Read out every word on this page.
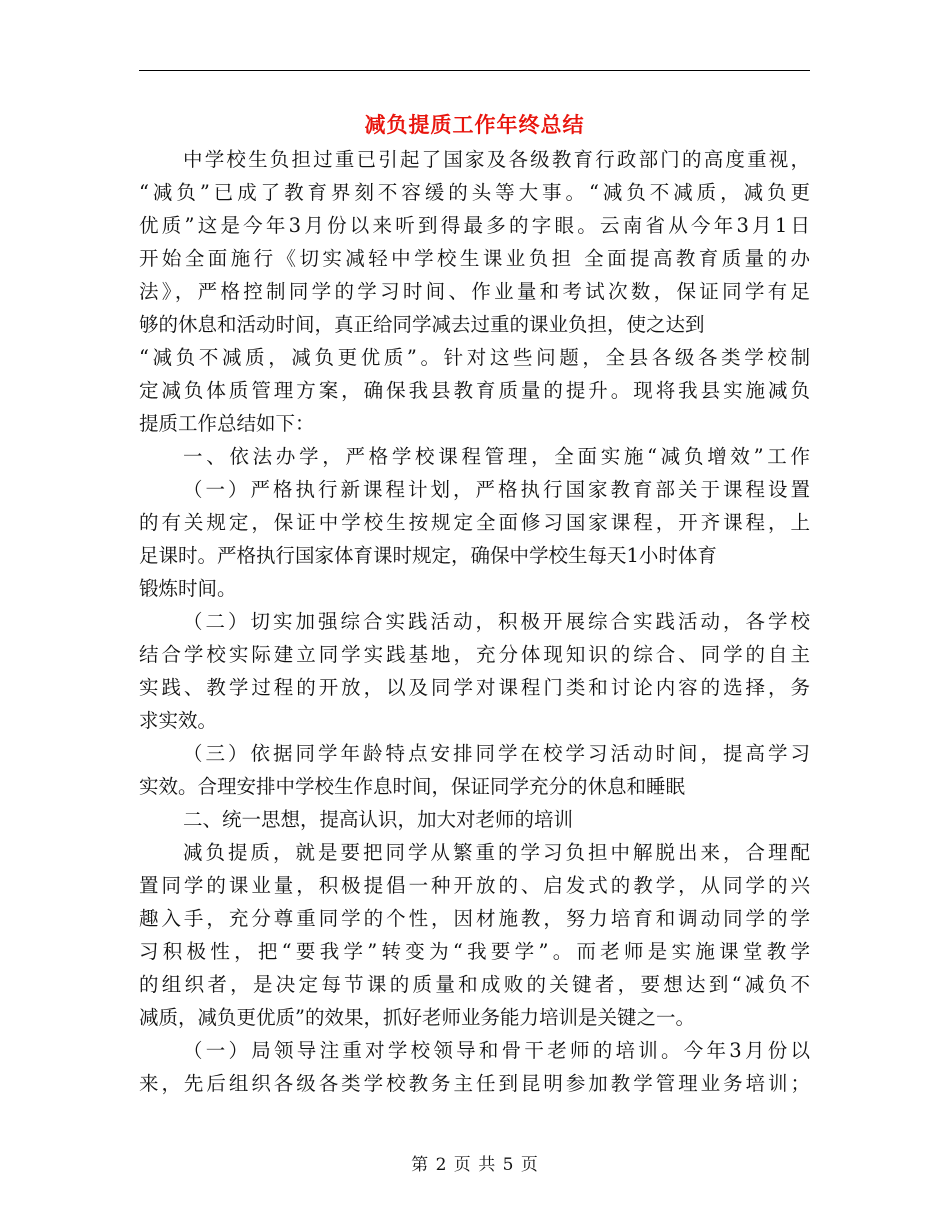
减负提质工作年终总结
中学校生负担过重已引起了国家及各级教育行政部门的高度重视，
“减负”已成了教育界刻不容缓的头等大事。“减负不减质，减负更
优质”这是今年3月份以来听到得最多的字眼。云南省从今年3月1日
开始全面施行《切实减轻中学校生课业负担 全面提高教育质量的办
法》，严格控制同学的学习时间、作业量和考试次数，保证同学有足
够的休息和活动时间，真正给同学减去过重的课业负担，使之达到
“减负不减质，减负更优质”。针对这些问题，全县各级各类学校制
定减负体质管理方案，确保我县教育质量的提升。现将我县实施减负
提质工作总结如下：
一、依法办学，严格学校课程管理，全面实施“减负增效”工作
（一）严格执行新课程计划，严格执行国家教育部关于课程设置
的有关规定，保证中学校生按规定全面修习国家课程，开齐课程，上
足课时。严格执行国家体育课时规定，确保中学校生每天1小时体育
锻炼时间。
（二）切实加强综合实践活动，积极开展综合实践活动，各学校
结合学校实际建立同学实践基地，充分体现知识的综合、同学的自主
实践、教学过程的开放，以及同学对课程门类和讨论内容的选择，务
求实效。
（三）依据同学年龄特点安排同学在校学习活动时间，提高学习
实效。合理安排中学校生作息时间，保证同学充分的休息和睡眠
二、统一思想，提高认识，加大对老师的培训
减负提质，就是要把同学从繁重的学习负担中解脱出来，合理配
置同学的课业量，积极提倡一种开放的、启发式的教学，从同学的兴
趣入手，充分尊重同学的个性，因材施教，努力培育和调动同学的学
习积极性，把“要我学”转变为“我要学”。而老师是实施课堂教学
的组织者，是决定每节课的质量和成败的关键者，要想达到“减负不
减质，减负更优质”的效果，抓好老师业务能力培训是关键之一。
（一）局领导注重对学校领导和骨干老师的培训。今年3月份以
来，先后组织各级各类学校教务主任到昆明参加教学管理业务培训；
第 2 页 共 5 页
